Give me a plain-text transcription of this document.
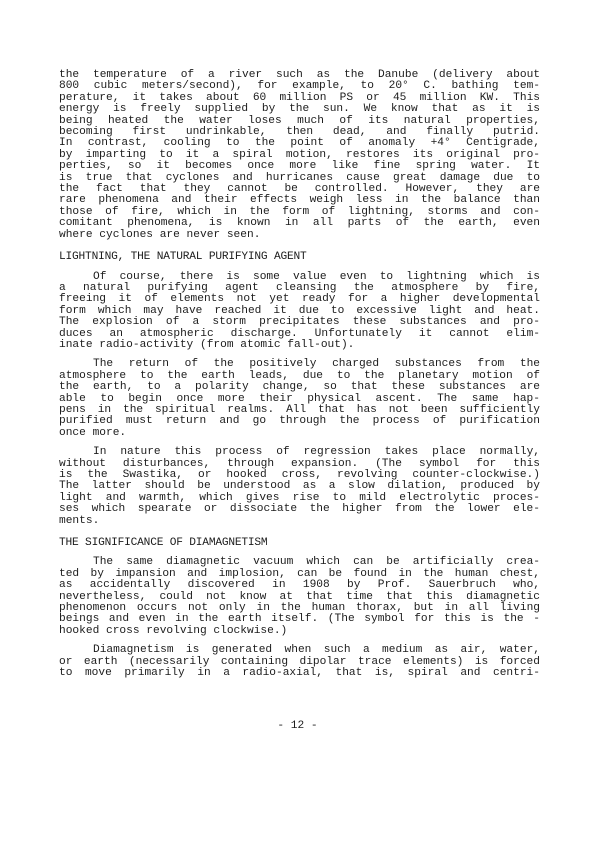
the temperature of a river such as the Danube (delivery about
800 cubic meters/second), for example, to 20° C. bathing tem-
perature, it takes about 60 million PS or 45 million KW. This
energy is freely supplied by the sun. We know that as it is
being heated the water loses much of its natural properties,
becoming first undrinkable, then dead, and finally putrid.
In contrast, cooling to the point of anomaly +4° Centigrade,
by imparting to it a spiral motion, restores its original pro-
perties, so it becomes once more like fine spring water. It
is true that cyclones and hurricanes cause great damage due to
the fact that they cannot be controlled. However, they are
rare phenomena and their effects weigh less in the balance than
those of fire, which in the form of lightning, storms and con-
comitant phenomena, is known in all parts of the earth, even
where cyclones are never seen.

LIGHTNING, THE NATURAL PURIFYING AGENT

Of course, there is some value even to lightning which is
a natural purifying agent cleansing the atmosphere by fire,
freeing it of elements not yet ready for a higher developmental
form which may have reached it due to excessive light and heat.
The explosion of a storm precipitates these substances and pro-
duces an atmospheric discharge. Unfortunately it cannot elim-
inate radio-activity (from atomic fall-out).
The return of the positively charged substances from the
atmosphere to the earth leads, due to the planetary motion of
the earth, to a polarity change, so that these substances are
able to begin once more their physical ascent. The same hap-
pens in the spiritual realms. All that has not been sufficiently
purified must return and go through the process of purification
once more.
In nature this process of regression takes place normally,
without disturbances, through expansion. (The symbol for this
is the Swastika, or hooked cross, revolving counter-clockwise.)
The latter should be understood as a slow dilation, produced by
light and warmth, which gives rise to mild electrolytic proces-
ses which spearate or dissociate the higher from the lower ele-
ments.

THE SIGNIFICANCE OF DIAMAGNETISM

The same diamagnetic vacuum which can be artificially crea-
ted by impansion and implosion, can be found in the human chest,
as accidentally discovered in 1908 by Prof. Sauerbruch who,
nevertheless, could not know at that time that this diamagnetic
phenomenon occurs not only in the human thorax, but in all living
beings and even in the earth itself. (The symbol for this is the -
hooked cross revolving clockwise.)
Diamagnetism is generated when such a medium as air, water,
or earth (necessarily containing dipolar trace elements) is forced
to move primarily in a radio-axial, that is, spiral and centri-
- 12 -
